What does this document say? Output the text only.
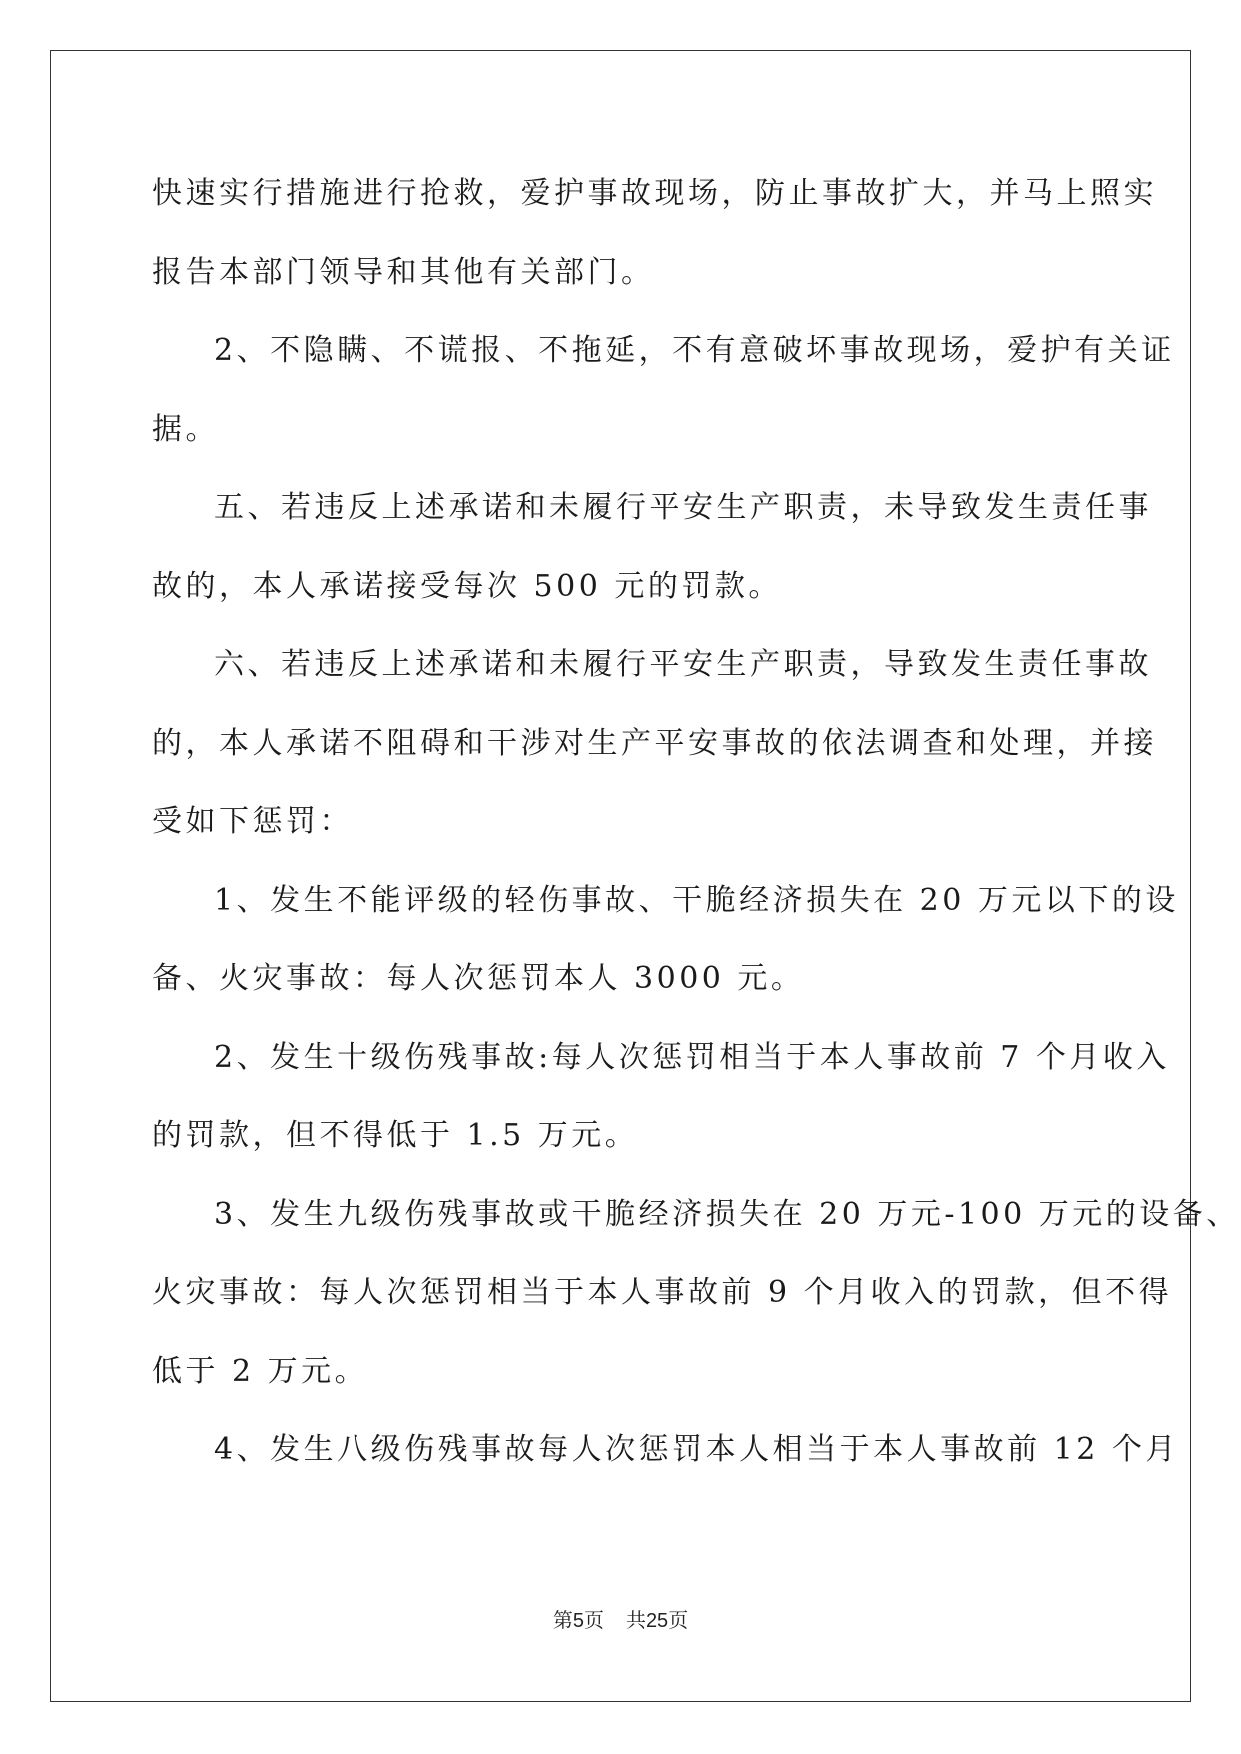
快速实行措施进行抢救，爱护事故现场，防止事故扩大，并马上照实

报告本部门领导和其他有关部门。

2、不隐瞒、不谎报、不拖延，不有意破坏事故现场，爱护有关证

据。

五、若违反上述承诺和未履行平安生产职责，未导致发生责任事

故的，本人承诺接受每次 500 元的罚款。

六、若违反上述承诺和未履行平安生产职责，导致发生责任事故

的，本人承诺不阻碍和干涉对生产平安事故的依法调查和处理，并接

受如下惩罚：

1、发生不能评级的轻伤事故、干脆经济损失在 20 万元以下的设

备、火灾事故：每人次惩罚本人 3000 元。

2、发生十级伤残事故:每人次惩罚相当于本人事故前 7 个月收入

的罚款，但不得低于 1.5 万元。

3、发生九级伤残事故或干脆经济损失在 20 万元-100 万元的设备、

火灾事故：每人次惩罚相当于本人事故前 9 个月收入的罚款，但不得

低于 2 万元。

4、发生八级伤残事故每人次惩罚本人相当于本人事故前 12 个月

第5页 共25页
